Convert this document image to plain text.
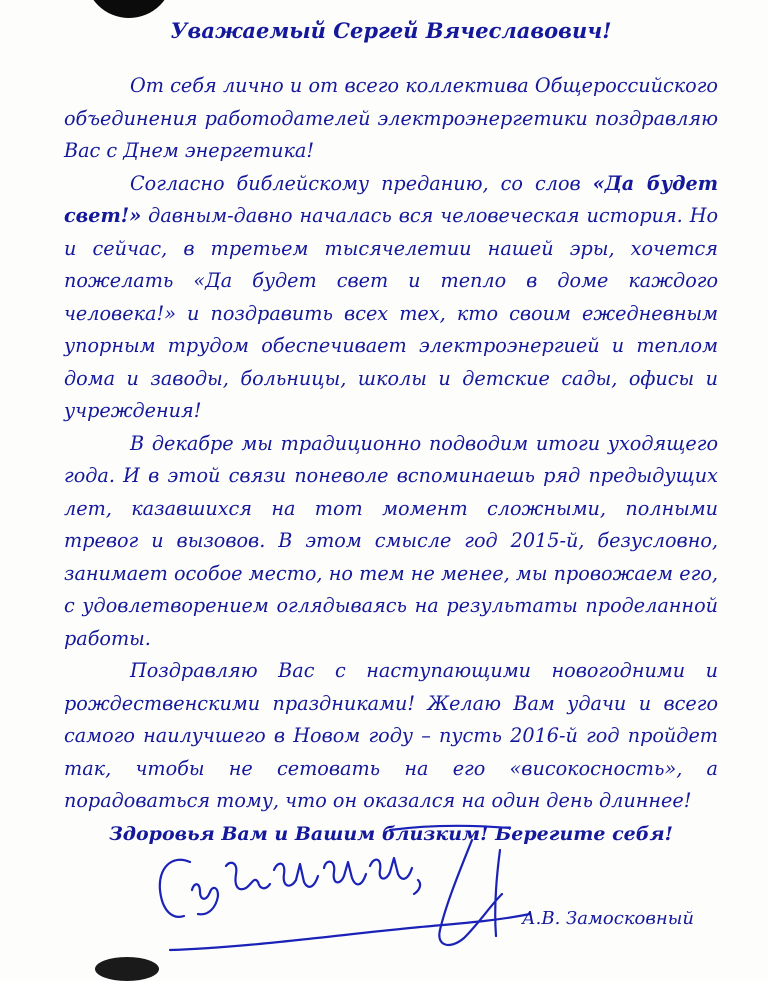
Уважаемый Сергей Вячеславович!

От себя лично и от всего коллектива Общероссийского объединения работодателей электроэнергетики поздравляю Вас с Днем энергетика!

Согласно библейскому преданию, со слов «Да будет свет!» давным-давно началась вся человеческая история. Но и сейчас, в третьем тысячелетии нашей эры, хочется пожелать «Да будет свет и тепло в доме каждого человека!» и поздравить всех тех, кто своим ежедневным упорным трудом обеспечивает электроэнергией и теплом дома и заводы, больницы, школы и детские сады, офисы и учреждения!

В декабре мы традиционно подводим итоги уходящего года. И в этой связи поневоле вспоминаешь ряд предыдущих лет, казавшихся на тот момент сложными, полными тревог и вызовов. В этом смысле год 2015-й, безусловно, занимает особое место, но тем не менее, мы провожаем его, с удовлетворением оглядываясь на результаты проделанной работы.

Поздравляю Вас с наступающими новогодними и рождественскими праздниками! Желаю Вам удачи и всего самого наилучшего в Новом году – пусть 2016-й год пройдет так, чтобы не сетовать на его «високосность», а порадоваться тому, что он оказался на один день длиннее!

Здоровья Вам и Вашим близким! Берегите себя!

А.В. Замосковный
